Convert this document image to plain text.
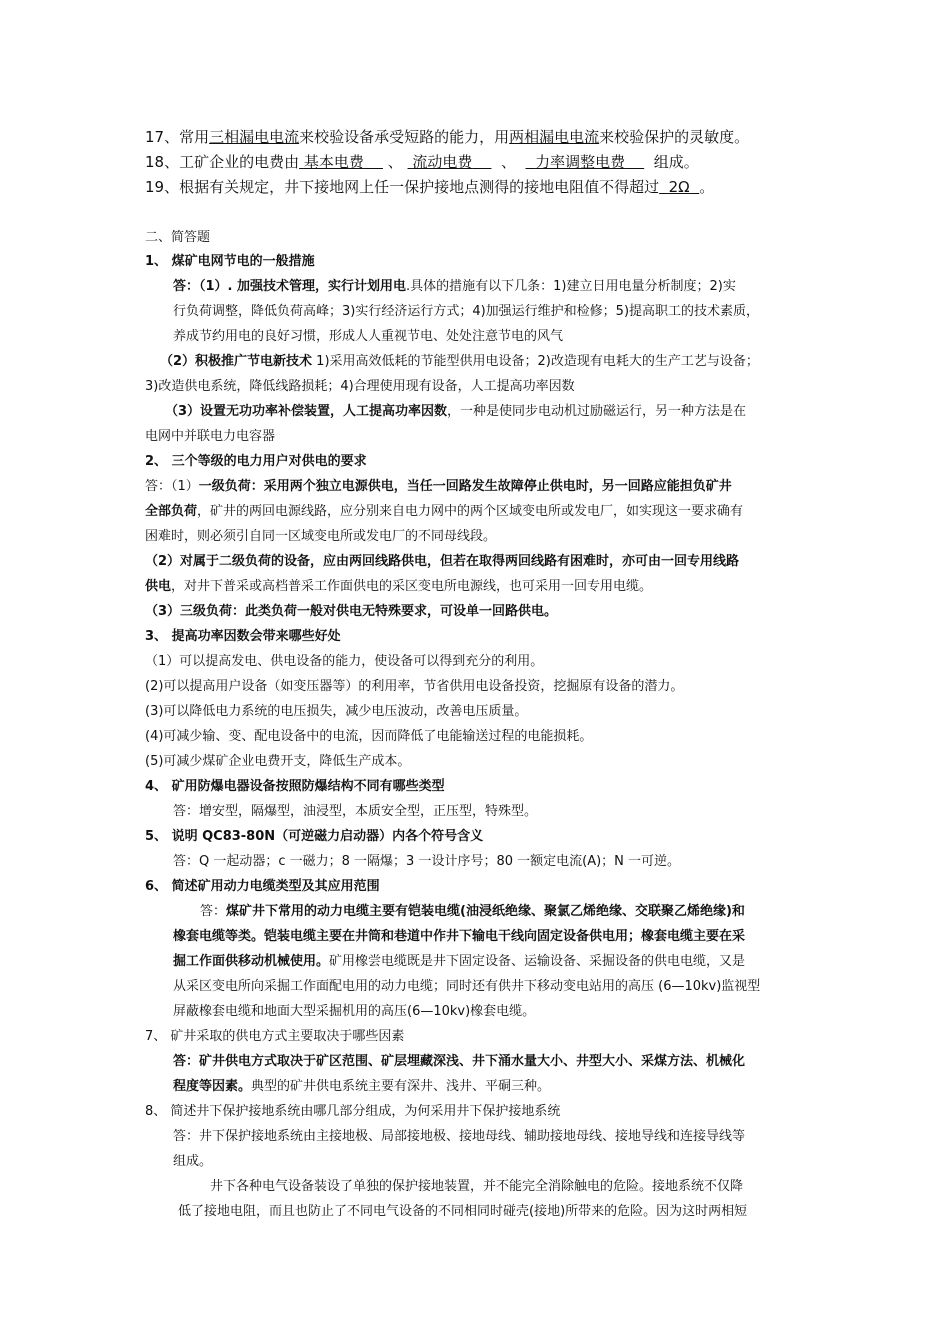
17、常用三相漏电电流来校验设备承受短路的能力，用两相漏电电流来校验保护的灵敏度。
18、工矿企业的电费由 基本电费 、 流动电费 、 力率调整电费 组成。
19、根据有关规定，井下接地网上任一保护接地点测得的接地电阻值不得超过 2Ω 。
二、简答题
1、 煤矿电网节电的一般措施
答：（1）. 加强技术管理，实行计划用电.具体的措施有以下几条：1)建立日用电量分析制度；2)实
行负荷调整，降低负荷高峰；3)实行经济运行方式；4)加强运行维护和检修；5)提高职工的技术素质，
养成节约用电的良好习惯，形成人人重视节电、处处注意节电的风气
（2）积极推广节电新技术 1)采用高效低耗的节能型供用电设备；2)改造现有电耗大的生产工艺与设备；
3)改造供电系统，降低线路损耗；4)合理使用现有设备，人工提高功率因数
（3）设置无功功率补偿装置，人工提高功率因数，一种是使同步电动机过励磁运行，另一种方法是在
电网中并联电力电容器
2、 三个等级的电力用户对供电的要求
答：（1）一级负荷：采用两个独立电源供电，当任一回路发生故障停止供电时，另一回路应能担负矿井
全部负荷，矿井的两回电源线路，应分别来自电力网中的两个区域变电所或发电厂，如实现这一要求确有
困难时，则必须引自同一区域变电所或发电厂的不同母线段。
（2）对属于二级负荷的设备，应由两回线路供电，但若在取得两回线路有困难时，亦可由一回专用线路
供电，对井下普采或高档普采工作面供电的采区变电所电源线，也可采用一回专用电缆。
（3）三级负荷：此类负荷一般对供电无特殊要求，可设单一回路供电。
3、 提高功率因数会带来哪些好处
（1）可以提高发电、供电设备的能力，使设备可以得到充分的利用。
(2)可以提高用户设备（如变压器等）的利用率，节省供用电设备投资，挖掘原有设备的潜力。
(3)可以降低电力系统的电压损失，减少电压波动，改善电压质量。
(4)可减少输、变、配电设备中的电流，因而降低了电能输送过程的电能损耗。
(5)可减少煤矿企业电费开支，降低生产成本。
4、 矿用防爆电器设备按照防爆结构不同有哪些类型
答：增安型，隔爆型，油浸型，本质安全型，正压型，特殊型。
5、 说明 QC83-80N（可逆磁力启动器）内各个符号含义
答：Q 一起动器；c 一磁力；8 一隔爆；3 一设计序号；80 一额定电流(A)；N 一可逆。
6、 简述矿用动力电缆类型及其应用范围
答：煤矿井下常用的动力电缆主要有铠装电缆(油浸纸绝缘、聚氯乙烯绝缘、交联聚乙烯绝缘)和
橡套电缆等类。铠装电缆主要在井筒和巷道中作井下输电干线向固定设备供电用；橡套电缆主要在采
掘工作面供移动机械使用。矿用橡尝电缆既是井下固定设备、运输设备、采掘设备的供电电缆，又是
从采区变电所向采掘工作面配电用的动力电缆；同时还有供井下移动变电站用的高压 (6—10kv)监视型
屏蔽橡套电缆和地面大型采掘机用的高压(6—10kv)橡套电缆。
7、 矿井采取的供电方式主要取决于哪些因素
答：矿井供电方式取决于矿区范围、矿层埋藏深浅、井下涌水量大小、井型大小、采煤方法、机械化
程度等因素。典型的矿井供电系统主要有深井、浅井、平硐三种。
8、 简述井下保护接地系统由哪几部分组成，为何采用井下保护接地系统
答：井下保护接地系统由主接地极、局部接地极、接地母线、辅助接地母线、接地导线和连接导线等
组成。
井下各种电气设备装设了单独的保护接地装置，并不能完全消除触电的危险。接地系统不仅降
低了接地电阻，而且也防止了不同电气设备的不同相同时碰壳(接地)所带来的危险。因为这时两相短
